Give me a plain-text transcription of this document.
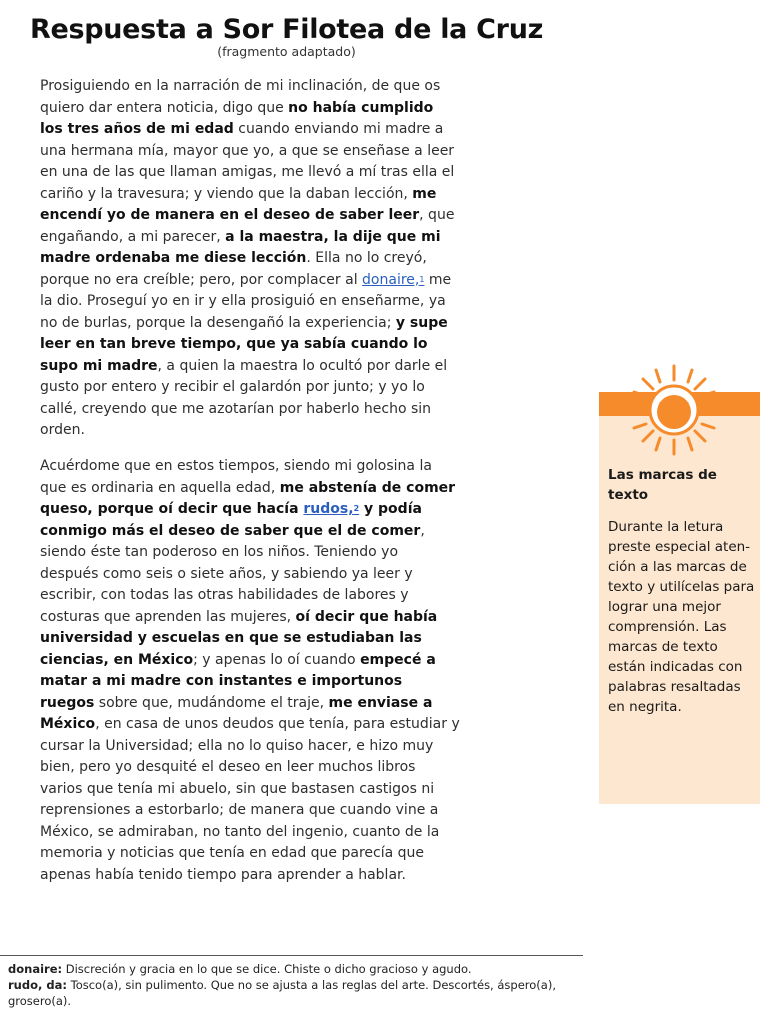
Respuesta a Sor Filotea de la Cruz
(fragmento adaptado)
Prosiguiendo en la narración de mi inclinación, de que os quiero dar entera noticia, digo que no había cumplido los tres años de mi edad cuando enviando mi madre a una hermana mía, mayor que yo, a que se enseñase a leer en una de las que llaman amigas, me llevó a mí tras ella el cariño y la travesura; y viendo que la daban lección, me encendí yo de manera en el deseo de saber leer, que engañando, a mi parecer, a la maestra, la dije que mi madre ordenaba me diese lección. Ella no lo creyó, porque no era creíble; pero, por complacer al donaire,$^1$ me la dio. Proseguí yo en ir y ella prosiguió en enseñarme, ya no de burlas, porque la desengañó la experiencia; y supe leer en tan breve tiempo, que ya sabía cuando lo supo mi madre, a quien la maestra lo ocultó por darle el gusto por entero y recibir el galardón por junto; y yo lo callé, creyendo que me azotarían por haberlo hecho sin orden.
Acuérdome que en estos tiempos, siendo mi golosina la que es ordinaria en aquella edad, me abstenía de comer queso, porque oí decir que hacía rudos,$^2$ y podía conmigo más el deseo de saber que el de comer, siendo éste tan poderoso en los niños. Teniendo yo después como seis o siete años, y sabiendo ya leer y escribir, con todas las otras habilidades de labores y costuras que aprenden las mujeres, oí decir que había universidad y escuelas en que se estudiaban las ciencias, en México; y apenas lo oí cuando empecé a matar a mi madre con instantes e importunos ruegos sobre que, mudándome el traje, me enviase a México, en casa de unos deudos que tenía, para estudiar y cursar la Universidad; ella no lo quiso hacer, e hizo muy bien, pero yo desquité el deseo en leer muchos libros varios que tenía mi abuelo, sin que bastasen castigos ni reprensiones a estorbarlo; de manera que cuando vine a México, se admiraban, no tanto del ingenio, cuanto de la memoria y noticias que tenía en edad que parecía que apenas había tenido tiempo para aprender a hablar.

donaire: Discreción y gracia en lo que se dice. Chiste o dicho gracioso y agudo.

rudo, da: Tosco(a), sin pulimento. Que no se ajusta a las reglas del arte. Descortés, áspero(a), grosero(a).

Las marcas de texto
Durante la letura preste especial aten-ción a las marcas de texto y utilícelas para lograr una mejor comprensión. Las marcas de texto están indicadas con palabras resaltadas en negrita.
